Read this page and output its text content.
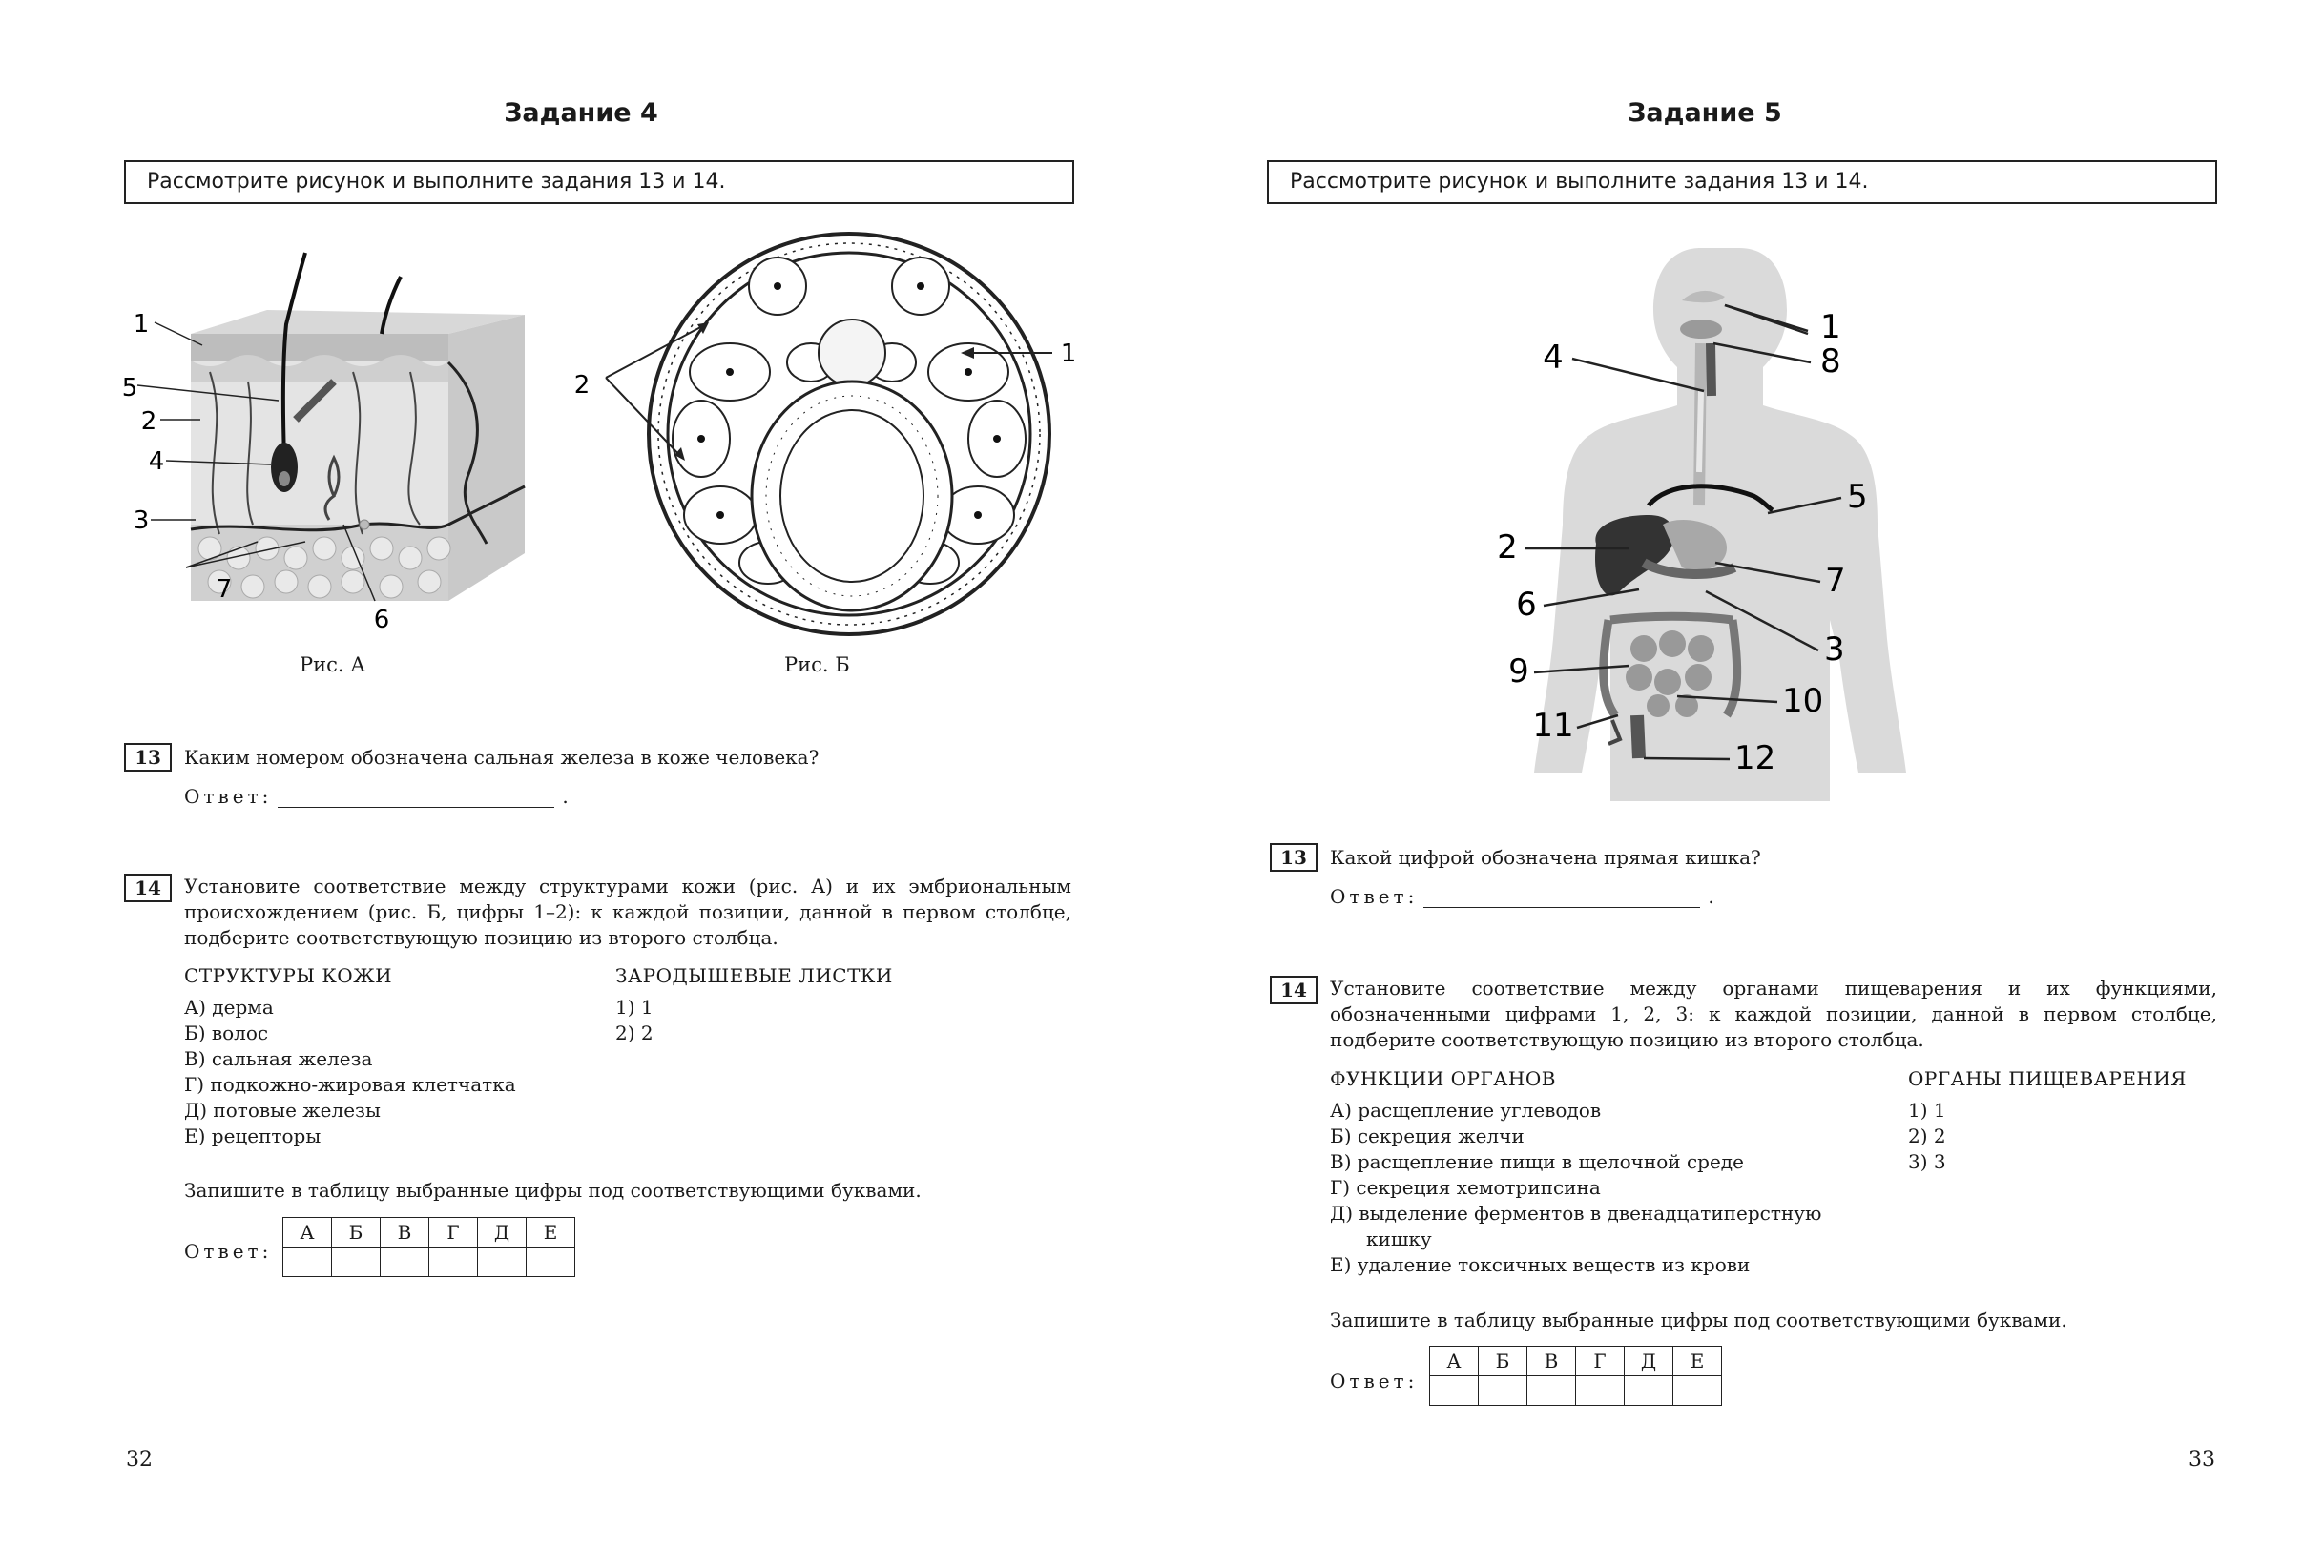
Задание 4
Рассмотрите рисунок и выполните задания 13 и 14.
1
5
2
4
3
7
6
Рис. А
2
1
Рис. Б
13	Каким номером обозначена сальная железа в коже человека?
Ответ:	.
14	Установите соответствие между структурами кожи (рис. А) и их эмбриональным происхождением (рис. Б, цифры 1–2): к каждой позиции, данной в первом столбце, подберите соответствующую позицию из второго столбца.
СТРУКТУРЫ КОЖИ
А) дерма
Б) волос
В) сальная железа
Г) подкожно-жировая клетчатка
Д) потовые железы
Е) рецепторы
ЗАРОДЫШЕВЫЕ ЛИСТКИ
1) 1
2) 2
Запишите в таблицу выбранные цифры под соответствующими буквами.
Ответ:
А	Б	В	Г	Д	Е

32
Задание 5
Рассмотрите рисунок и выполните задания 13 и 14.
1
8
4
5
2
7
6
3
9
10
11
12
13	Какой цифрой обозначена прямая кишка?
Ответ:	.
14	Установите соответствие между органами пищеварения и их функциями, обозначенными цифрами 1, 2, 3: к каждой позиции, данной в первом столбце, подберите соответствующую позицию из второго столбца.
ФУНКЦИИ ОРГАНОВ
А) расщепление углеводов
Б) секреция желчи
В) расщепление пищи в щелочной среде
Г) секреция хемотрипсина
Д) выделение ферментов в двенадцатиперстную кишку
Е) удаление токсичных веществ из крови
ОРГАНЫ ПИЩЕВАРЕНИЯ
1) 1
2) 2
3) 3
Запишите в таблицу выбранные цифры под соответствующими буквами.
Ответ:
А	Б	В	Г	Д	Е

33
